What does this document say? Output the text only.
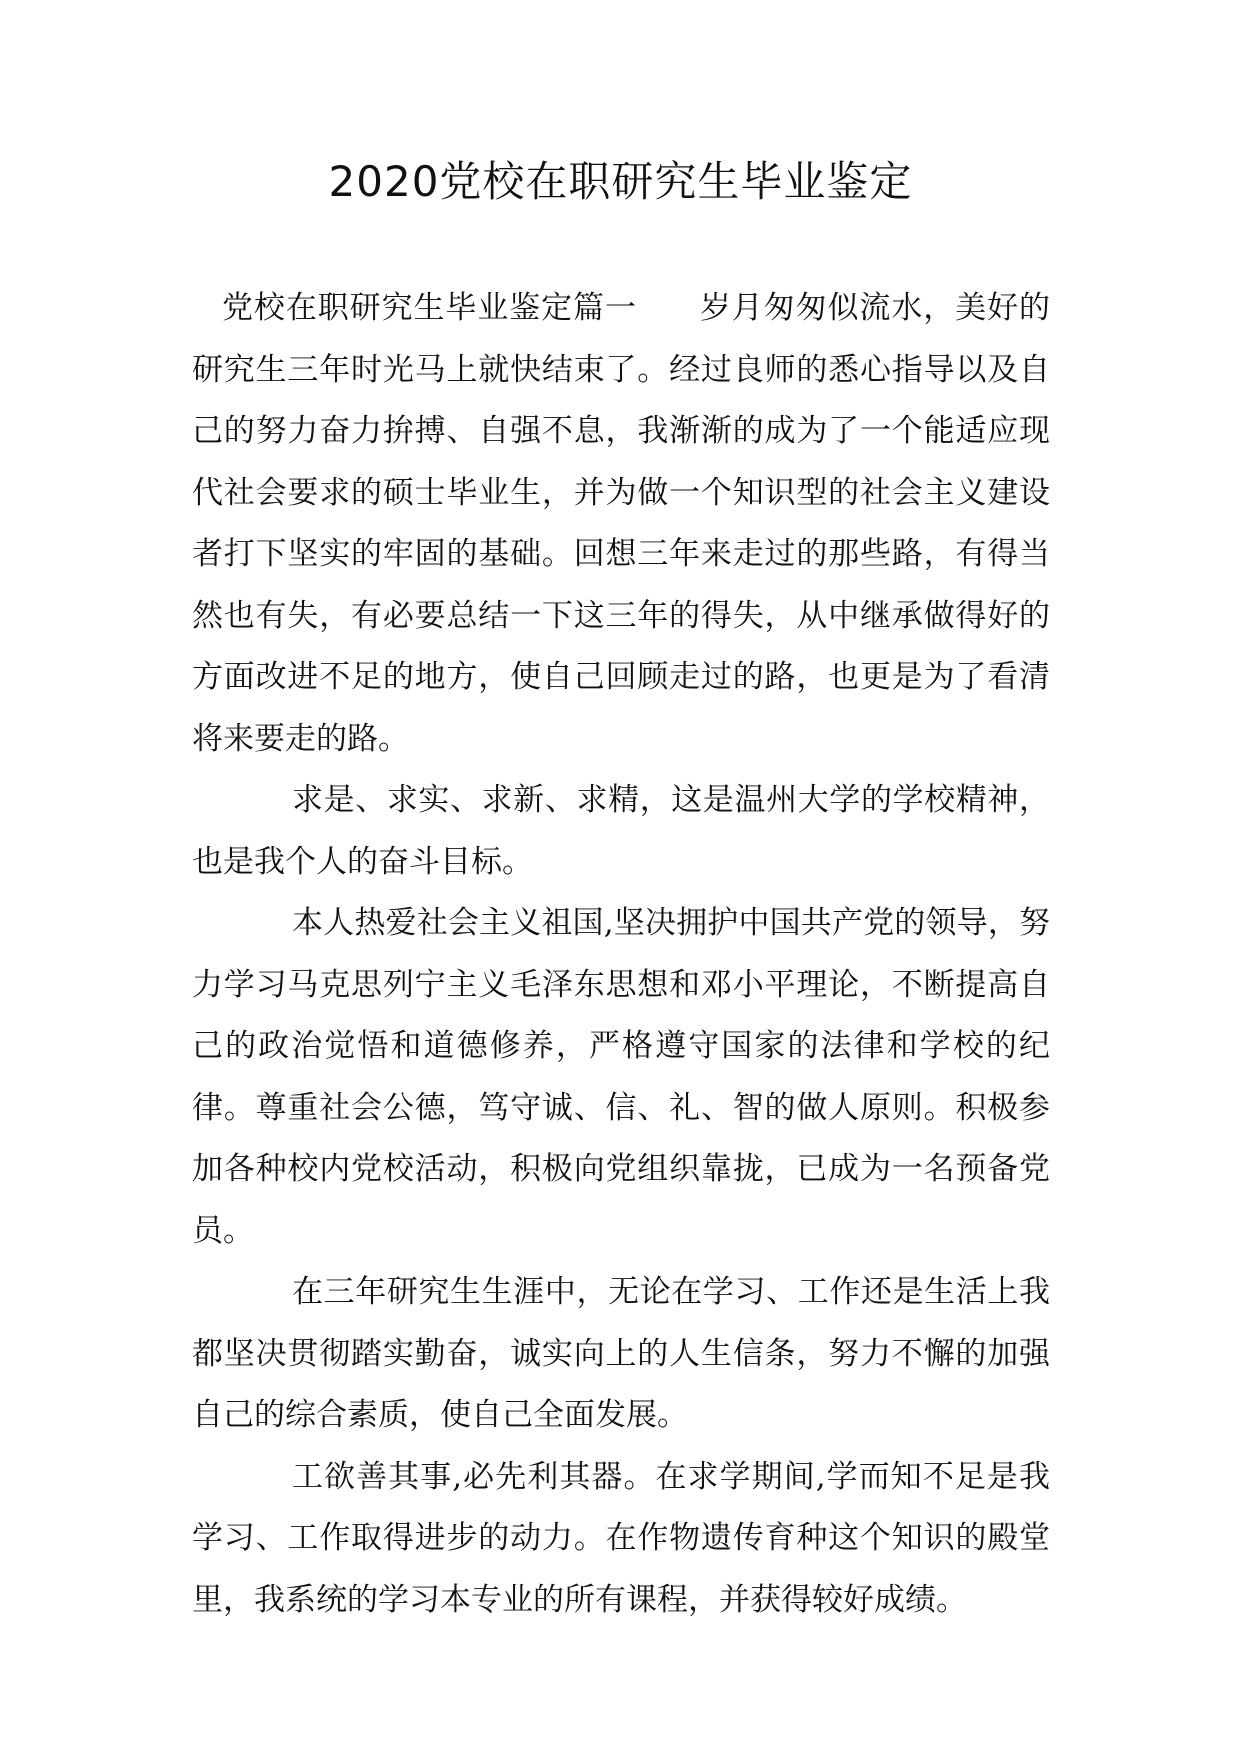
2020党校在职研究生毕业鉴定

党校在职研究生毕业鉴定篇一 岁月匆匆似流水，美好的研究生三年时光马上就快结束了。经过良师的悉心指导以及自己的努力奋力拚搏、自强不息，我渐渐的成为了一个能适应现代社会要求的硕士毕业生，并为做一个知识型的社会主义建设者打下坚实的牢固的基础。回想三年来走过的那些路，有得当然也有失，有必要总结一下这三年的得失，从中继承做得好的方面改进不足的地方，使自己回顾走过的路，也更是为了看清将来要走的路。

求是、求实、求新、求精，这是温州大学的学校精神，也是我个人的奋斗目标。

本人热爱社会主义祖国,坚决拥护中国共产党的领导，努力学习马克思列宁主义毛泽东思想和邓小平理论，不断提高自己的政治觉悟和道德修养，严格遵守国家的法律和学校的纪律。尊重社会公德，笃守诚、信、礼、智的做人原则。积极参加各种校内党校活动，积极向党组织靠拢，已成为一名预备党员。

在三年研究生生涯中，无论在学习、工作还是生活上我都坚决贯彻踏实勤奋，诚实向上的人生信条，努力不懈的加强自己的综合素质，使自己全面发展。

工欲善其事,必先利其器。在求学期间,学而知不足是我学习、工作取得进步的动力。在作物遗传育种这个知识的殿堂里，我系统的学习本专业的所有课程，并获得较好成绩。
